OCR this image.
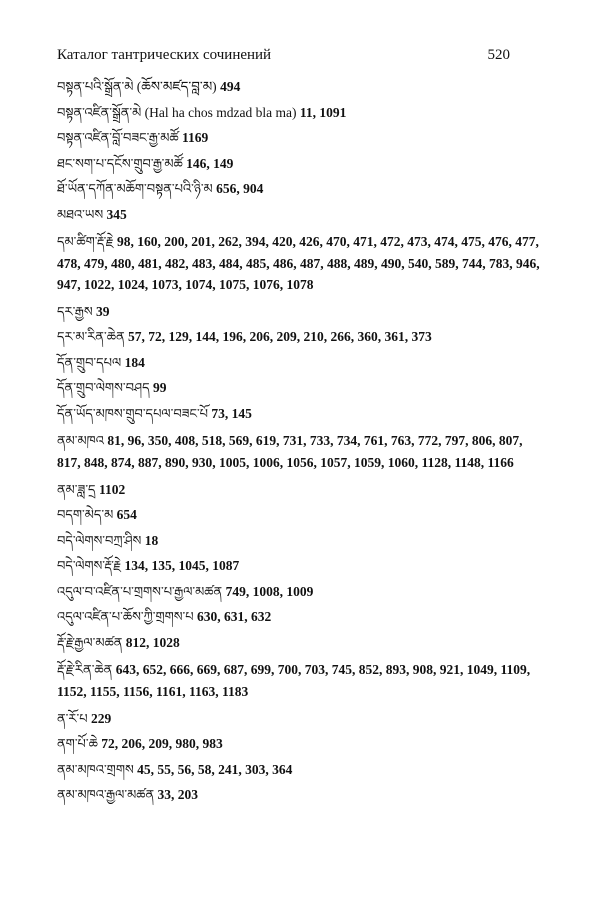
Каталог тантрических сочинений	520
བསྟན་པའི་སྒྲོན་མེ (ཆོས་མཛད་བླ་མ) 494
བསྟན་འཛིན་སྒྲོན་མེ (Hal ha chos mdzad bla ma) 11, 1091
བསྟན་འཛིན་བློ་བཟང་རྒྱ་མཚོ 1169
ཐང་སག་པ་དངོས་གྲུབ་རྒྱ་མཚོ 146, 149
ཐོ་ཡོན་དཀོན་མཆོག་བསྟན་པའི་ཉི་མ 656, 904
མཐའ་ཡས 345
དམ་ཚིག་རྡོ་རྗེ 98, 160, 200, 201, 262, 394, 420, 426, 470, 471, 472, 473, 474, 475, 476, 477, 478, 479, 480, 481, 482, 483, 484, 485, 486, 487, 488, 489, 490, 540, 589, 744, 783, 946, 947, 1022, 1024, 1073, 1074, 1075, 1076, 1078
དར་རྒྱས 39
དར་མ་རིན་ཆེན 57, 72, 129, 144, 196, 206, 209, 210, 266, 360, 361, 373
དོན་གྲུབ་དཔལ 184
དོན་གྲུབ་ལེགས་བཤད 99
དོན་ཡོད་མཁས་གྲུབ་དཔལ་བཟང་པོ 73, 145
ནམ་མཁའ 81, 96, 350, 408, 518, 569, 619, 731, 733, 734, 761, 763, 772, 797, 806, 807, 817, 848, 874, 887, 890, 930, 1005, 1006, 1056, 1057, 1059, 1060, 1128, 1148, 1166
ནམ་ཟླ་དྲ 1102
བདག་མེད་མ 654
བདེ་ལེགས་བཀྲ་ཤིས 18
བདེ་ལེགས་རྡོ་རྗེ 134, 135, 1045, 1087
འདུལ་བ་འཛིན་པ་གྲགས་པ་རྒྱལ་མཚན 749, 1008, 1009
འདུལ་འཛིན་པ་ཆོས་ཀྱི་གྲགས་པ 630, 631, 632
རྡོ་རྗེ་རྒྱལ་མཚན 812, 1028
རྡོ་རྗེ་རིན་ཆེན 643, 652, 666, 669, 687, 699, 700, 703, 745, 852, 893, 908, 921, 1049, 1109, 1152, 1155, 1156, 1161, 1163, 1183
ན་རོ་པ 229
ནག་པོ་ཆེ 72, 206, 209, 980, 983
ནམ་མཁའ་གྲགས 45, 55, 56, 58, 241, 303, 364
ནམ་མཁའ་རྒྱལ་མཚན 33, 203
